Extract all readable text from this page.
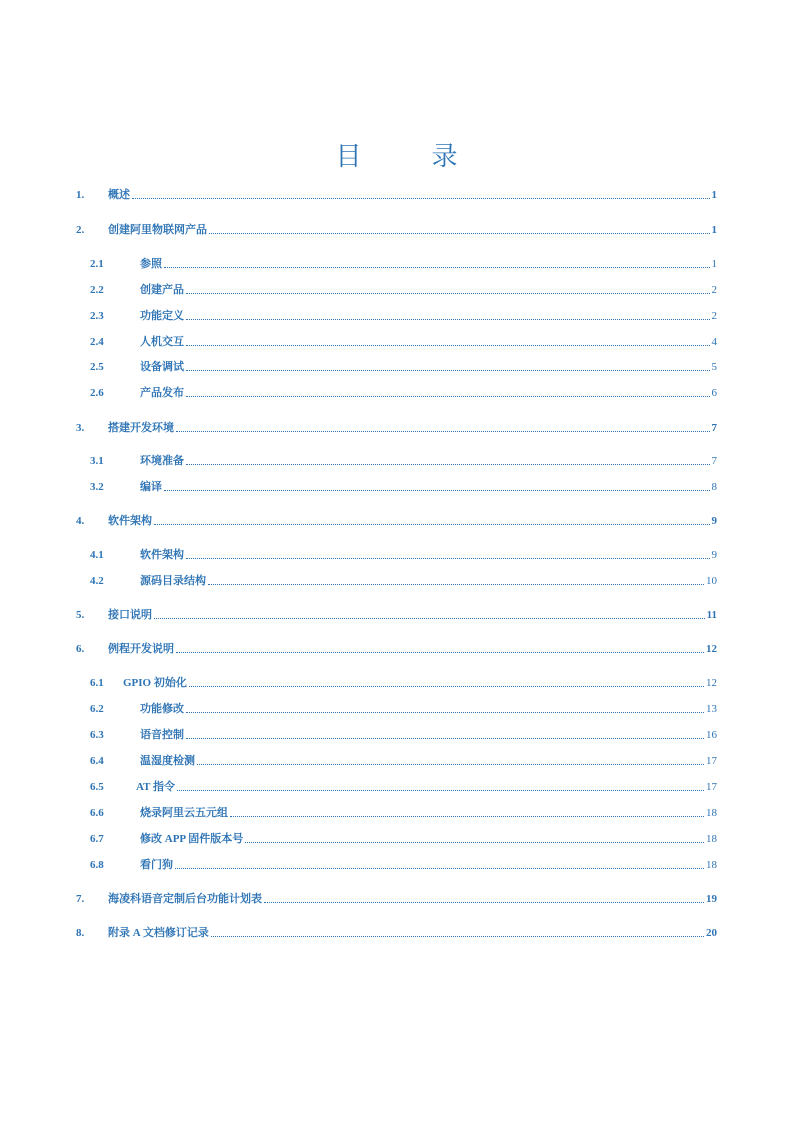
目　录
1. 概述	1
2. 创建阿里物联网产品	1
2.1	参照	1
2.2	创建产品	2
2.3	功能定义	2
2.4	人机交互	4
2.5	设备调试	5
2.6	产品发布	6
3. 搭建开发环境	7
3.1	环境准备	7
3.2	编译	8
4. 软件架构	9
4.1	软件架构	9
4.2	源码目录结构	10
5. 接口说明	11
6. 例程开发说明	12
6.1 GPIO 初始化	12
6.2	功能修改	13
6.3	语音控制	16
6.4	温湿度检测	17
6.5	AT 指令	17
6.6	烧录阿里云五元组	18
6.7	修改 APP 固件版本号	18
6.8	看门狗	18
7. 海凌科语音定制后台功能计划表	19
8. 附录 A 文档修订记录	20
